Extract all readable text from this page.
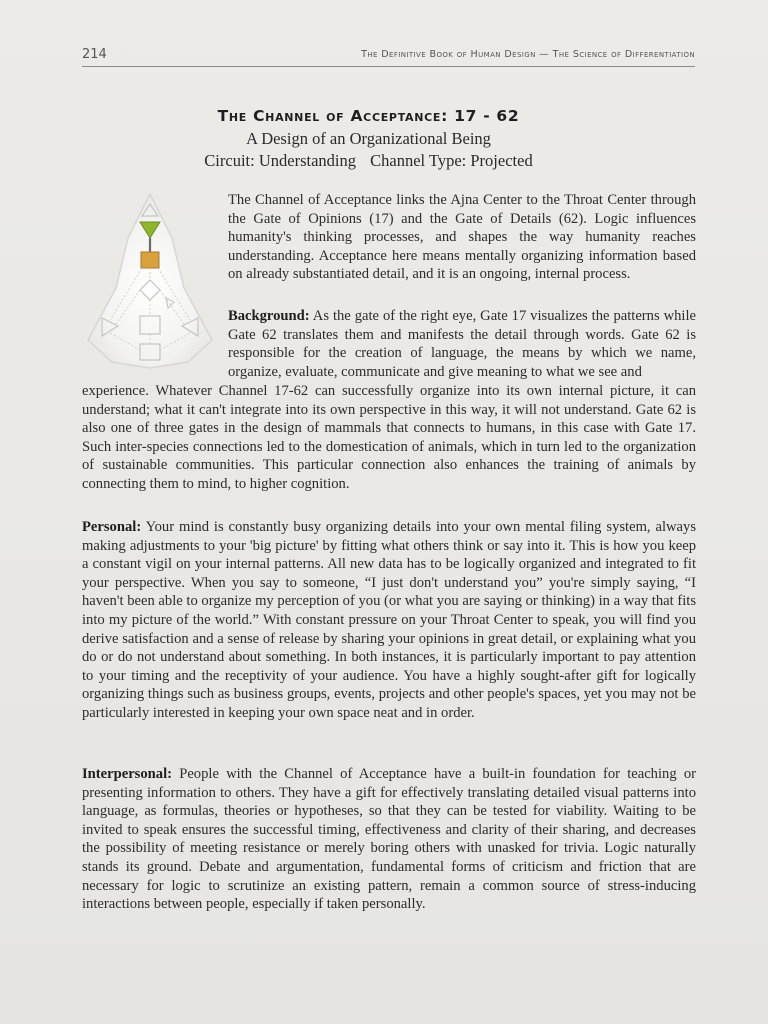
214	The Definitive Book of Human Design — The Science of Differentiation
The Channel of Acceptance: 17 - 62
A Design of an Organizational Being
Circuit: Understanding Channel Type: Projected

The Channel of Acceptance links the Ajna Center to the Throat Center through the Gate of Opinions (17) and the Gate of Details (62). Logic influences humanity's thinking processes, and shapes the way humanity reaches understanding. Acceptance here means mentally organizing information based on already substantiated detail, and it is an ongoing, internal process.

Background: As the gate of the right eye, Gate 17 visualizes the patterns while Gate 62 translates them and manifests the detail through words. Gate 62 is responsible for the creation of language, the means by which we name, organize, evaluate, communicate and give meaning to what we see and

experience. Whatever Channel 17-62 can successfully organize into its own internal picture, it can understand; what it can't integrate into its own perspective in this way, it will not understand. Gate 62 is also one of three gates in the design of mammals that connects to humans, in this case with Gate 17. Such inter-species connections led to the domestication of animals, which in turn led to the organization of sustainable communities. This particular connection also enhances the training of animals by connecting them to mind, to higher cognition.

Personal: Your mind is constantly busy organizing details into your own mental filing system, always making adjustments to your 'big picture' by fitting what others think or say into it. This is how you keep a constant vigil on your internal patterns. All new data has to be logically organized and integrated to fit your perspective. When you say to someone, “I just don't understand you” you're simply saying, “I haven't been able to organize my perception of you (or what you are saying or thinking) in a way that fits into my picture of the world.” With constant pressure on your Throat Center to speak, you will find you derive satisfaction and a sense of release by sharing your opinions in great detail, or explaining what you do or do not understand about something. In both instances, it is particularly important to pay attention to your timing and the receptivity of your audience. You have a highly sought-after gift for logically organizing things such as business groups, events, projects and other people's spaces, yet you may not be particularly interested in keeping your own space neat and in order.

Interpersonal: People with the Channel of Acceptance have a built-in foundation for teaching or presenting information to others. They have a gift for effectively translating detailed visual patterns into language, as formulas, theories or hypotheses, so that they can be tested for viability. Waiting to be invited to speak ensures the successful timing, effectiveness and clarity of their sharing, and decreases the possibility of meeting resistance or merely boring others with unasked for trivia. Logic naturally stands its ground. Debate and argumentation, fundamental forms of criticism and friction that are necessary for logic to scrutinize an existing pattern, remain a common source of stress-inducing interactions between people, especially if taken personally.
